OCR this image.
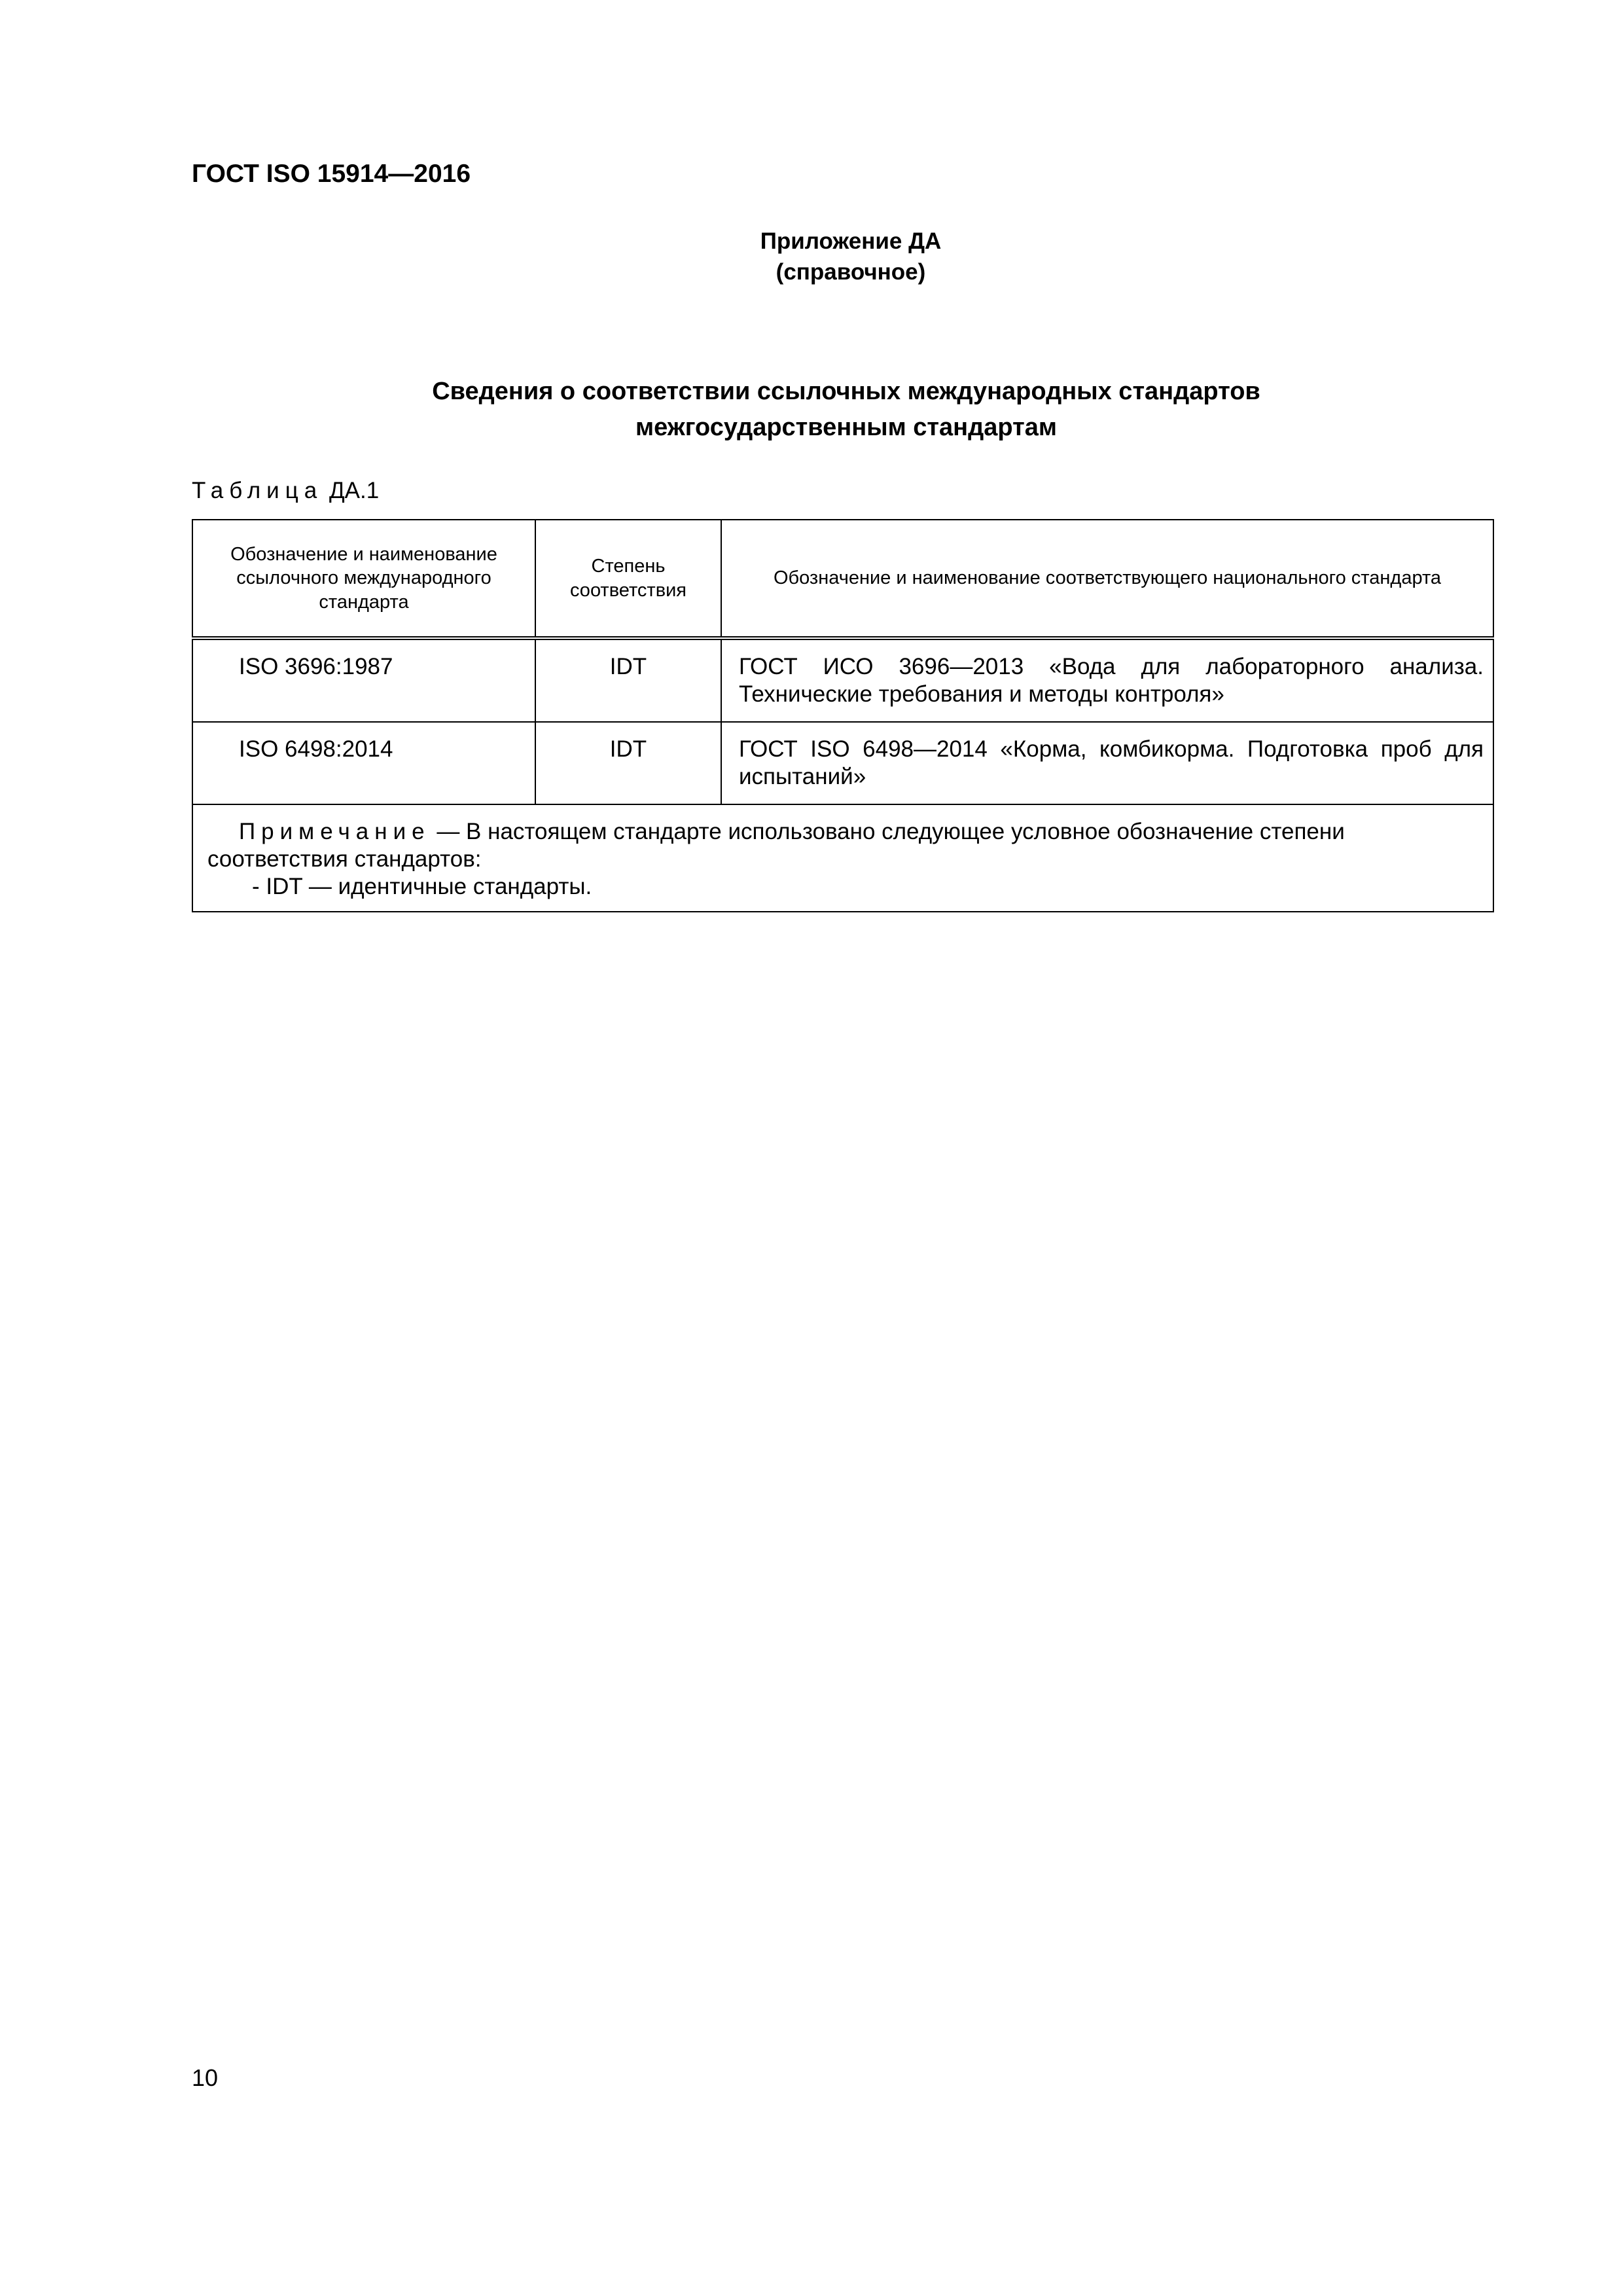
ГОСТ ISO 15914—2016
Приложение ДА
(справочное)
Сведения о соответствии ссылочных международных стандартов
межгосударственным стандартам
Таблица ДА.1
Обозначение и наименование ссылочного международного стандарта	Степень соответствия	Обозначение и наименование соответствующего национального стандарта
ISO 3696:1987	IDT	ГОСТ ИСО 3696—2013 «Вода для лабораторного анализа. Технические требования и методы контроля»
ISO 6498:2014	IDT	ГОСТ ISO 6498—2014 «Корма, комбикорма. Подготовка проб для испытаний»
Примечание — В настоящем стандарте использовано следующее условное обозначение степени соответствия стандартов:
- IDT — идентичные стандарты.		
10
